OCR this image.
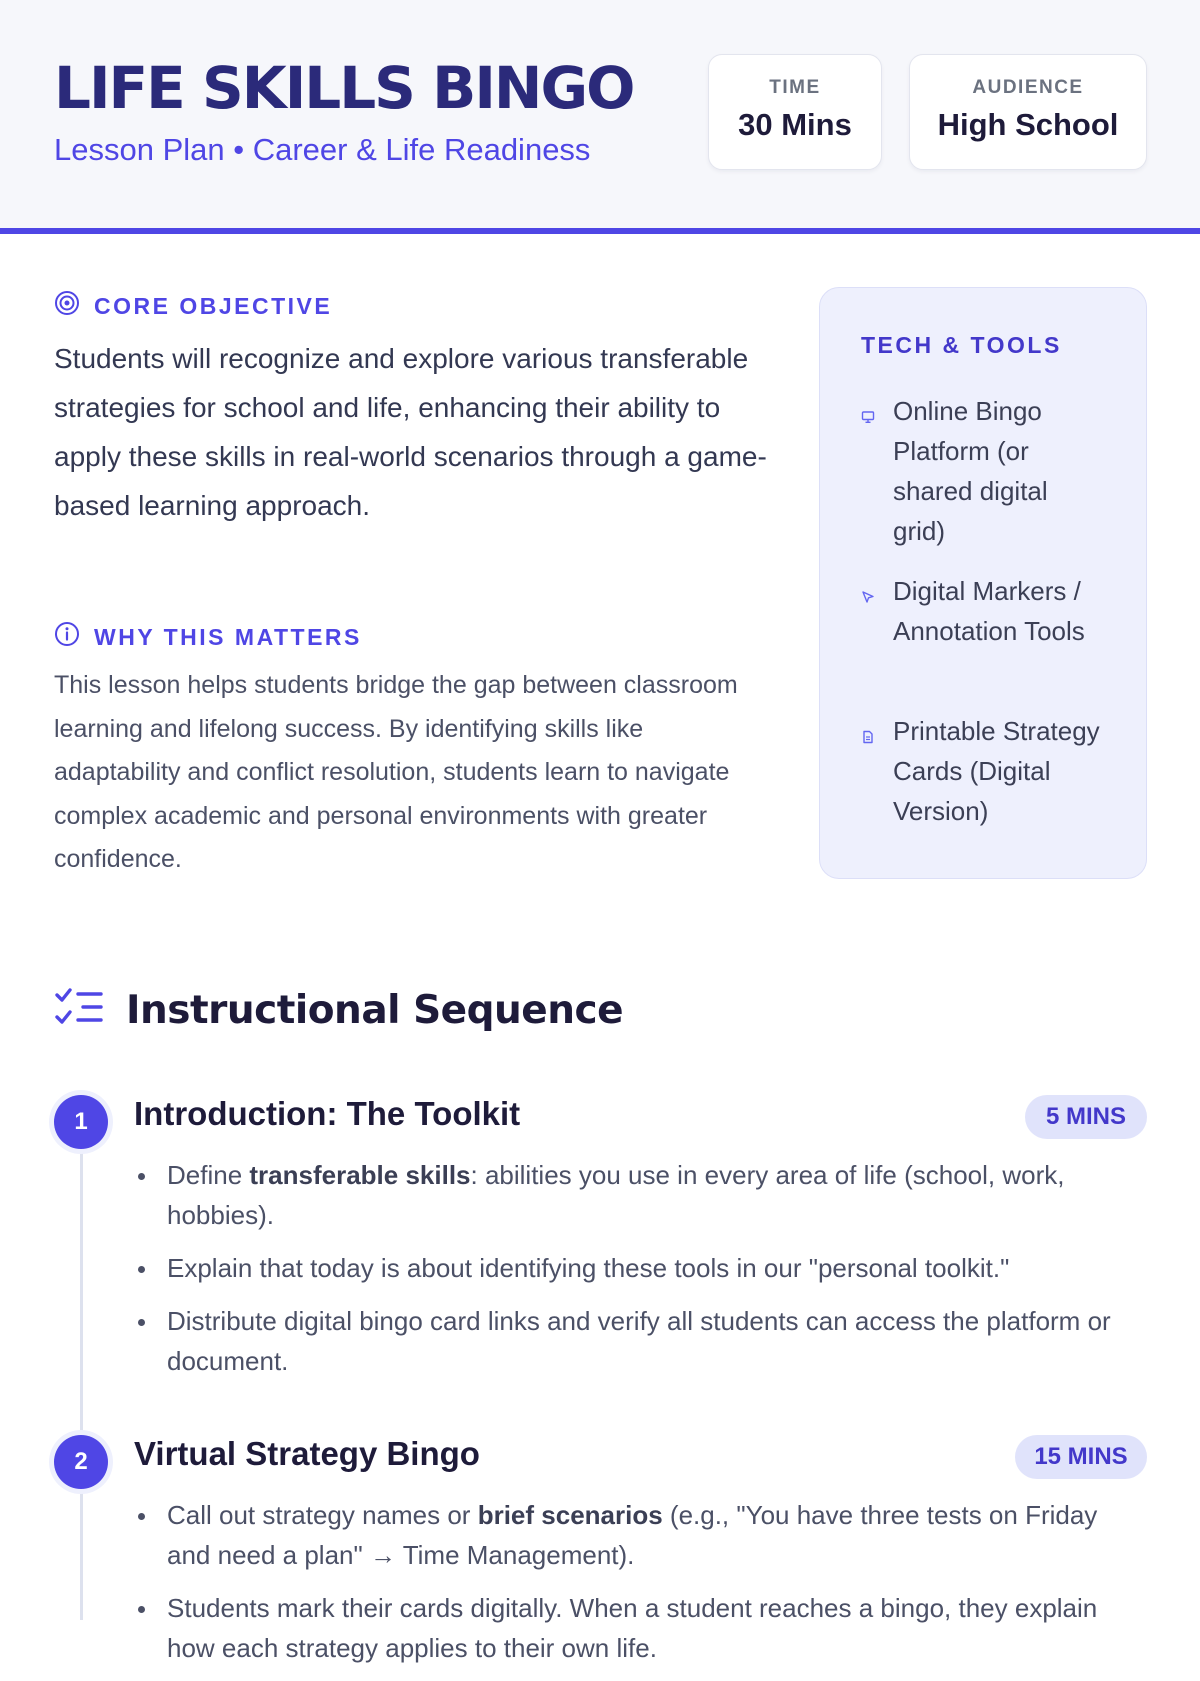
LIFE SKILLS BINGO
Lesson Plan • Career & Life Readiness
TIME
30 Mins
AUDIENCE
High School
CORE OBJECTIVE
Students will recognize and explore various transferable strategies for school and life, enhancing their ability to apply these skills in real-world scenarios through a game-based learning approach.
WHY THIS MATTERS
This lesson helps students bridge the gap between classroom learning and lifelong success. By identifying skills like adaptability and conflict resolution, students learn to navigate complex academic and personal environments with greater confidence.
TECH & TOOLS
Online Bingo Platform (or shared digital grid)
Digital Markers / Annotation Tools
Printable Strategy Cards (Digital Version)
Instructional Sequence
1	Introduction: The Toolkit	5 MINS
Define transferable skills: abilities you use in every area of life (school, work, hobbies).
Explain that today is about identifying these tools in our "personal toolkit."
Distribute digital bingo card links and verify all students can access the platform or document.
2	Virtual Strategy Bingo	15 MINS
Call out strategy names or brief scenarios (e.g., "You have three tests on Friday and need a plan" → Time Management).
Students mark their cards digitally. When a student reaches a bingo, they explain how each strategy applies to their own life.
